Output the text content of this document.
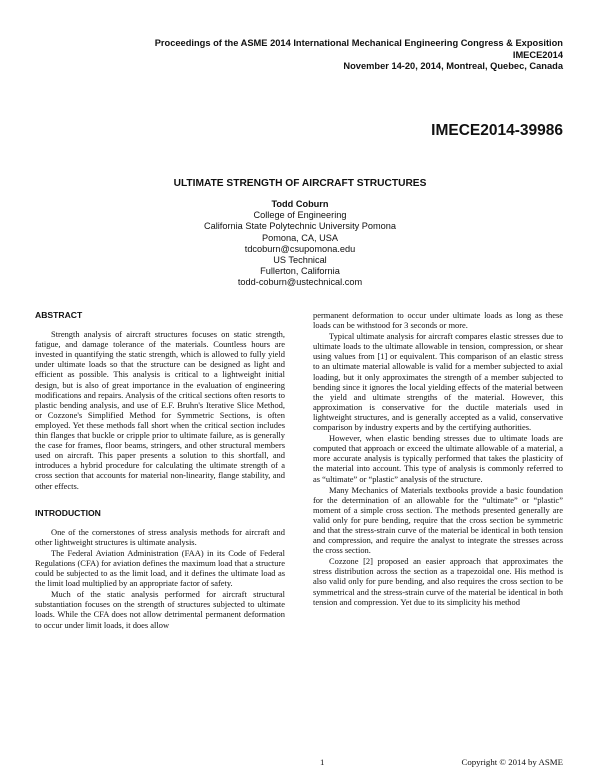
Proceedings of the ASME 2014 International Mechanical Engineering Congress & Exposition
IMECE2014
November 14-20, 2014, Montreal, Quebec, Canada
IMECE2014-39986
ULTIMATE STRENGTH OF AIRCRAFT STRUCTURES
Todd Coburn
College of Engineering
California State Polytechnic University Pomona
Pomona, CA, USA
tdcoburn@csupomona.edu
US Technical
Fullerton, California
todd-coburn@ustechnical.com
ABSTRACT

Strength analysis of aircraft structures focuses on static strength, fatigue, and damage tolerance of the materials. Countless hours are invested in quantifying the static strength, which is allowed to fully yield under ultimate loads so that the structure can be designed as light and efficient as possible. This analysis is critical to a lightweight initial design, but is also of great importance in the evaluation of engineering modifications and repairs. Analysis of the critical sections often resorts to plastic bending analysis, and use of E.F. Bruhn's Iterative Slice Method, or Cozzone's Simplified Method for Symmetric Sections, is often employed. Yet these methods fall short when the critical section includes thin flanges that buckle or cripple prior to ultimate failure, as is generally the case for frames, floor beams, stringers, and other structural members used on aircraft. This paper presents a solution to this shortfall, and introduces a hybrid procedure for calculating the ultimate strength of a cross section that accounts for material non-linearity, flange stability, and other effects.

INTRODUCTION

One of the cornerstones of stress analysis methods for aircraft and other lightweight structures is ultimate analysis.

The Federal Aviation Administration (FAA) in its Code of Federal Regulations (CFA) for aviation defines the maximum load that a structure could be subjected to as the limit load, and it defines the ultimate load as the limit load multiplied by an appropriate factor of safety.

Much of the static analysis performed for aircraft structural substantiation focuses on the strength of structures subjected to ultimate loads. While the CFA does not allow detrimental permanent deformation to occur under limit loads, it does allow

permanent deformation to occur under ultimate loads as long as these loads can be withstood for 3 seconds or more.

Typical ultimate analysis for aircraft compares elastic stresses due to ultimate loads to the ultimate allowable in tension, compression, or shear using values from [1] or equivalent. This comparison of an elastic stress to an ultimate material allowable is valid for a member subjected to axial loading, but it only approximates the strength of a member subjected to bending since it ignores the local yielding effects of the material between the yield and ultimate strengths of the material. However, this approximation is conservative for the ductile materials used in lightweight structures, and is generally accepted as a valid, conservative comparison by industry experts and by the certifying authorities.

However, when elastic bending stresses due to ultimate loads are computed that approach or exceed the ultimate allowable of a material, a more accurate analysis is typically performed that takes the plasticity of the material into account. This type of analysis is commonly referred to as “ultimate” or “plastic” analysis of the structure.

Many Mechanics of Materials textbooks provide a basic foundation for the determination of an allowable for the “ultimate” or “plastic” moment of a simple cross section. The methods presented generally are valid only for pure bending, require that the cross section be symmetric and that the stress-strain curve of the material be identical in both tension and compression, and require the analyst to integrate the stresses across the cross section.

Cozzone [2] proposed an easier approach that approximates the stress distribution across the section as a trapezoidal one. His method is also valid only for pure bending, and also requires the cross section to be symmetrical and the stress-strain curve of the material be identical in both tension and compression. Yet due to its simplicity his method

1	Copyright © 2014 by ASME
